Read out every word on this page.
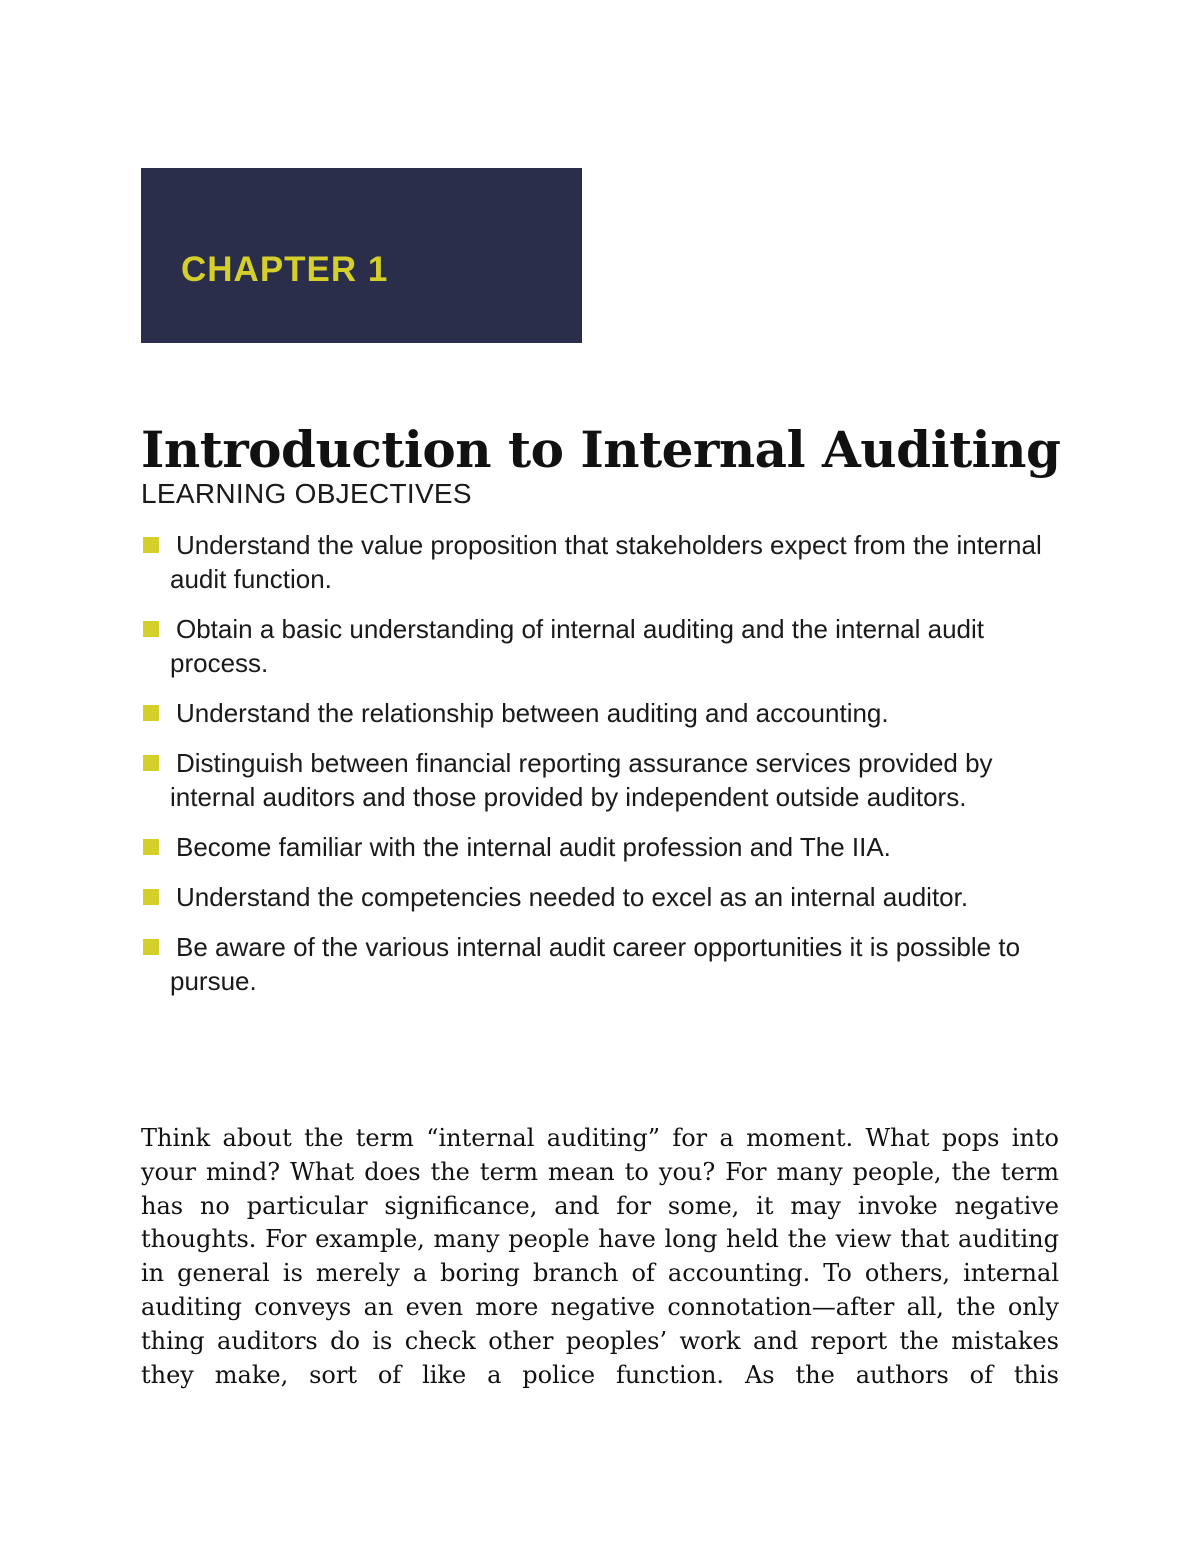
CHAPTER 1
Introduction to Internal Auditing
LEARNING OBJECTIVES
Understand the value proposition that stakeholders expect from the internal audit function.
Obtain a basic understanding of internal auditing and the internal audit process.
Understand the relationship between auditing and accounting.
Distinguish between financial reporting assurance services provided by internal auditors and those provided by independent outside auditors.
Become familiar with the internal audit profession and The IIA.
Understand the competencies needed to excel as an internal auditor.
Be aware of the various internal audit career opportunities it is possible to pursue.

Think about the term “internal auditing” for a moment. What pops into your mind? What does the term mean to you? For many people, the term has no particular significance, and for some, it may invoke negative thoughts. For example, many people have long held the view that auditing in general is merely a boring branch of accounting. To others, internal auditing conveys an even more negative connotation—after all, the only thing auditors do is check other peoples’ work and report the mistakes they make, sort of like a police function. As the authors of this
